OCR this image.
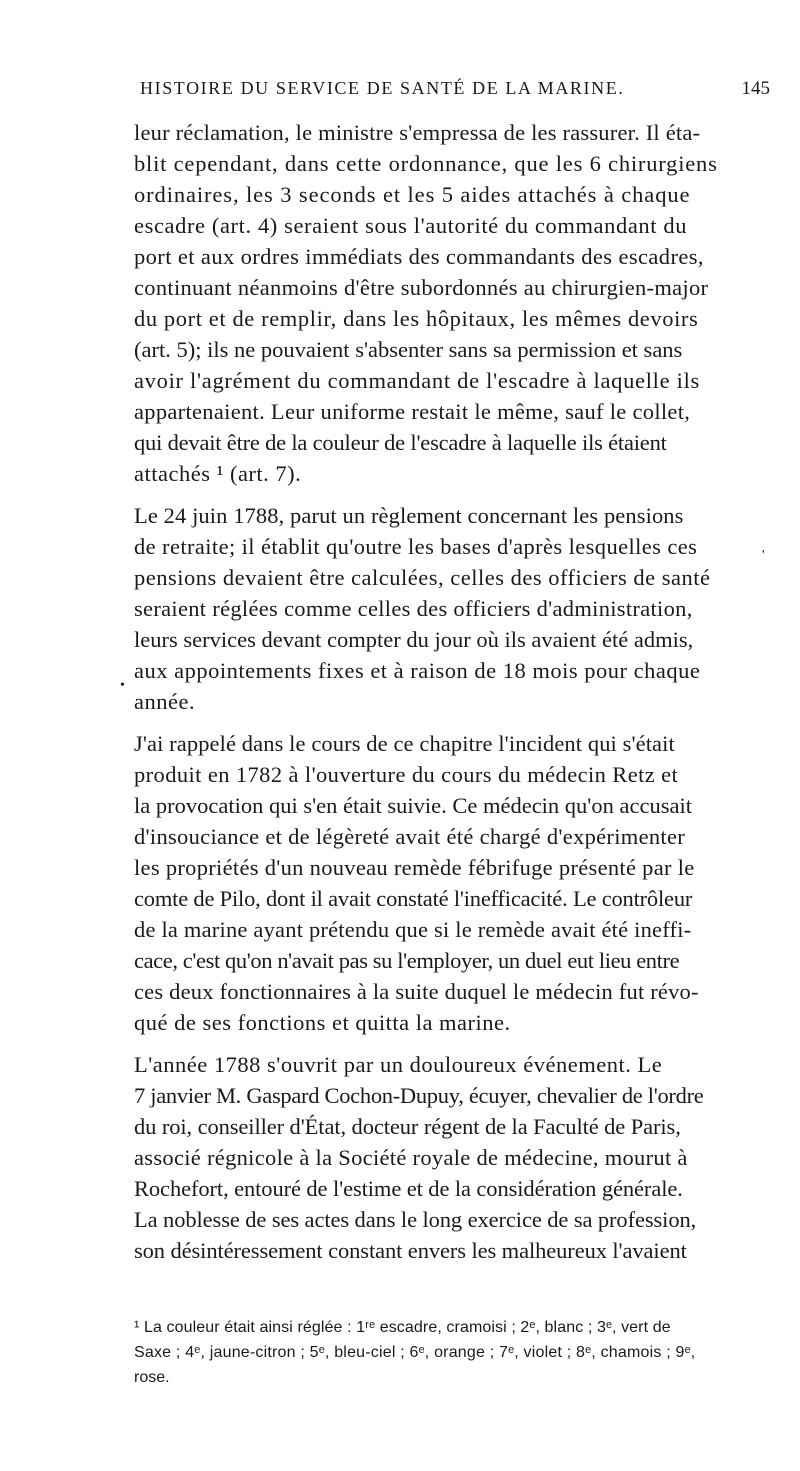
HISTOIRE DU SERVICE DE SANTÉ DE LA MARINE.	145
leur réclamation, le ministre s'empressa de les rassurer. Il éta-
blit cependant, dans cette ordonnance, que les 6 chirurgiens
ordinaires, les 3 seconds et les 5 aides attachés à chaque
escadre (art. 4) seraient sous l'autorité du commandant du
port et aux ordres immédiats des commandants des escadres,
continuant néanmoins d'être subordonnés au chirurgien-major
du port et de remplir, dans les hôpitaux, les mêmes devoirs
(art. 5); ils ne pouvaient s'absenter sans sa permission et sans
avoir l'agrément du commandant de l'escadre à laquelle ils
appartenaient. Leur uniforme restait le même, sauf le collet,
qui devait être de la couleur de l'escadre à laquelle ils étaient
attachés ¹ (art. 7).
Le 24 juin 1788, parut un règlement concernant les pensions
de retraite; il établit qu'outre les bases d'après lesquelles ces
pensions devaient être calculées, celles des officiers de santé
seraient réglées comme celles des officiers d'administration,
leurs services devant compter du jour où ils avaient été admis,
aux appointements fixes et à raison de 18 mois pour chaque
année.
J'ai rappelé dans le cours de ce chapitre l'incident qui s'était
produit en 1782 à l'ouverture du cours du médecin Retz et
la provocation qui s'en était suivie. Ce médecin qu'on accusait
d'insouciance et de légèreté avait été chargé d'expérimenter
les propriétés d'un nouveau remède fébrifuge présenté par le
comte de Pilo, dont il avait constaté l'inefficacité. Le contrôleur
de la marine ayant prétendu que si le remède avait été ineffi-
cace, c'est qu'on n'avait pas su l'employer, un duel eut lieu entre
ces deux fonctionnaires à la suite duquel le médecin fut révo-
qué de ses fonctions et quitta la marine.
L'année 1788 s'ouvrit par un douloureux événement. Le
7 janvier M. Gaspard Cochon-Dupuy, écuyer, chevalier de l'ordre
du roi, conseiller d'État, docteur régent de la Faculté de Paris,
associé régnicole à la Société royale de médecine, mourut à
Rochefort, entouré de l'estime et de la considération générale.
La noblesse de ses actes dans le long exercice de sa profession,
son désintéressement constant envers les malheureux l'avaient
'
•
¹ La couleur était ainsi réglée : 1ʳᵉ escadre, cramoisi ; 2ᵉ, blanc ; 3ᵉ, vert de
Saxe ; 4ᵉ, jaune-citron ; 5ᵉ, bleu-ciel ; 6ᵉ, orange ; 7ᵉ, violet ; 8ᵉ, chamois ; 9ᵉ,
rose.
